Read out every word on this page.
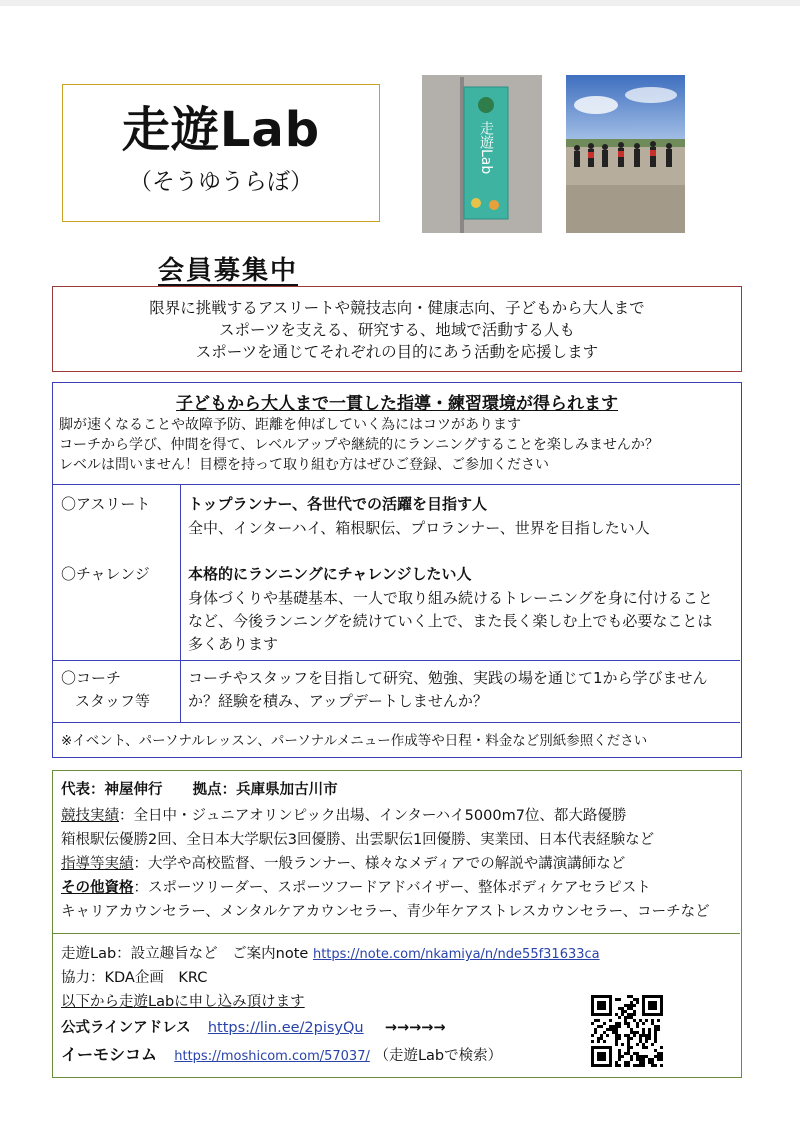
走遊Lab
（そうゆうらぼ）
走遊Lab
会員募集中
限界に挑戦するアスリートや競技志向・健康志向、子どもから大人まで
スポーツを支える、研究する、地域で活動する人も
スポーツを通じてそれぞれの目的にあう活動を応援します
子どもから大人まで一貫した指導・練習環境が得られます
脚が速くなることや故障予防、距離を伸ばしていく為にはコツがあります
コーチから学び、仲間を得て、レベルアップや継続的にランニングすることを楽しみませんか？
レベルは問いません！目標を持って取り組む方はぜひご登録、ご参加ください
〇アスリート	トップランナー、各世代での活躍を目指す人
全中、インターハイ、箱根駅伝、プロランナー、世界を目指したい人
〇チャレンジ	本格的にランニングにチャレンジしたい人
身体づくりや基礎基本、一人で取り組み続けるトレーニングを身に付けること
など、今後ランニングを続けていく上で、また長く楽しむ上でも必要なことは
多くあります
〇コーチ
スタッフ等
コーチやスタッフを目指して研究、勉強、実践の場を通じて1から学びませんか？経験を積み、アップデートしませんか？
※イベント、パーソナルレッスン、パーソナルメニュー作成等や日程・料金など別紙参照ください
代表：神屋伸行 拠点：兵庫県加古川市
競技実績：全日中・ジュニアオリンピック出場、インターハイ5000m7位、都大路優勝
箱根駅伝優勝2回、全日本大学駅伝3回優勝、出雲駅伝1回優勝、実業団、日本代表経験など
指導等実績：大学や高校監督、一般ランナー、様々なメディアでの解説や講演講師など
その他資格：スポーツリーダー、スポーツフードアドバイザー、整体ボディケアセラピスト
キャリアカウンセラー、メンタルケアカウンセラー、青少年ケアストレスカウンセラー、コーチなど
走遊Lab：設立趣旨など　ご案内note https://note.com/nkamiya/n/nde55f31633ca
協力：KDA企画　KRC
以下から走遊Labに申し込み頂けます
公式ラインアドレス https://lin.ee/2pisyQu →→→→→
イーモシコム https://moshicom.com/57037/ （走遊Labで検索）
